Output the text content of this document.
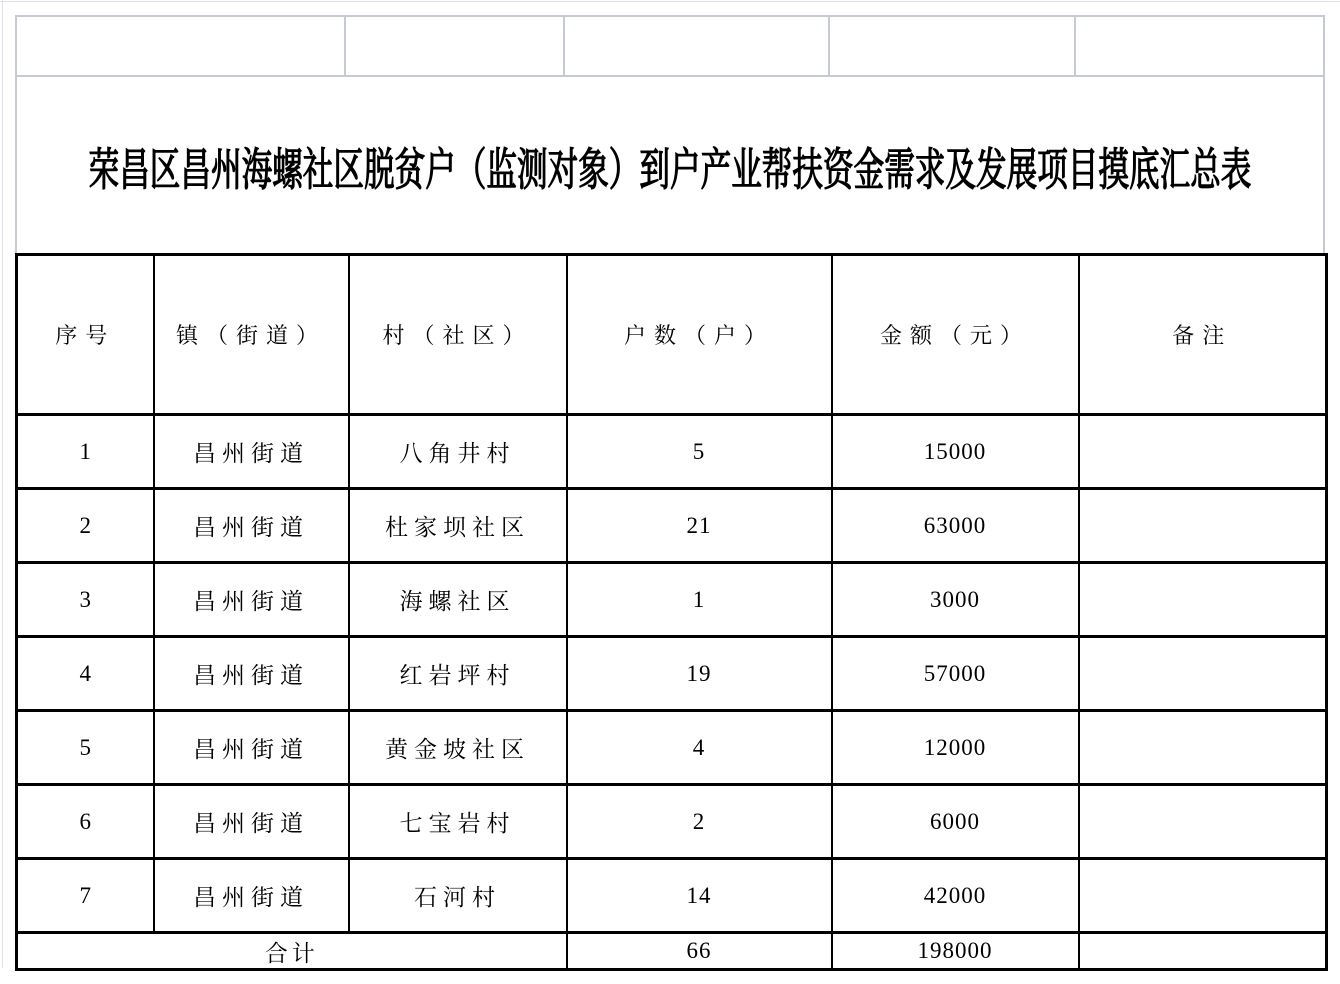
荣昌区昌州海螺社区脱贫户（监测对象）到户产业帮扶资金需求及发展项目摸底汇总表
序号	镇（街道）	村（社区）	户数（户）	金额（元）	备注
1	昌州街道	八角井村	5	15000	
2	昌州街道	杜家坝社区	21	63000	
3	昌州街道	海螺社区	1	3000	
4	昌州街道	红岩坪村	19	57000	
5	昌州街道	黄金坡社区	4	12000	
6	昌州街道	七宝岩村	2	6000	
7	昌州街道	石河村	14	42000	
合计			66	198000	
